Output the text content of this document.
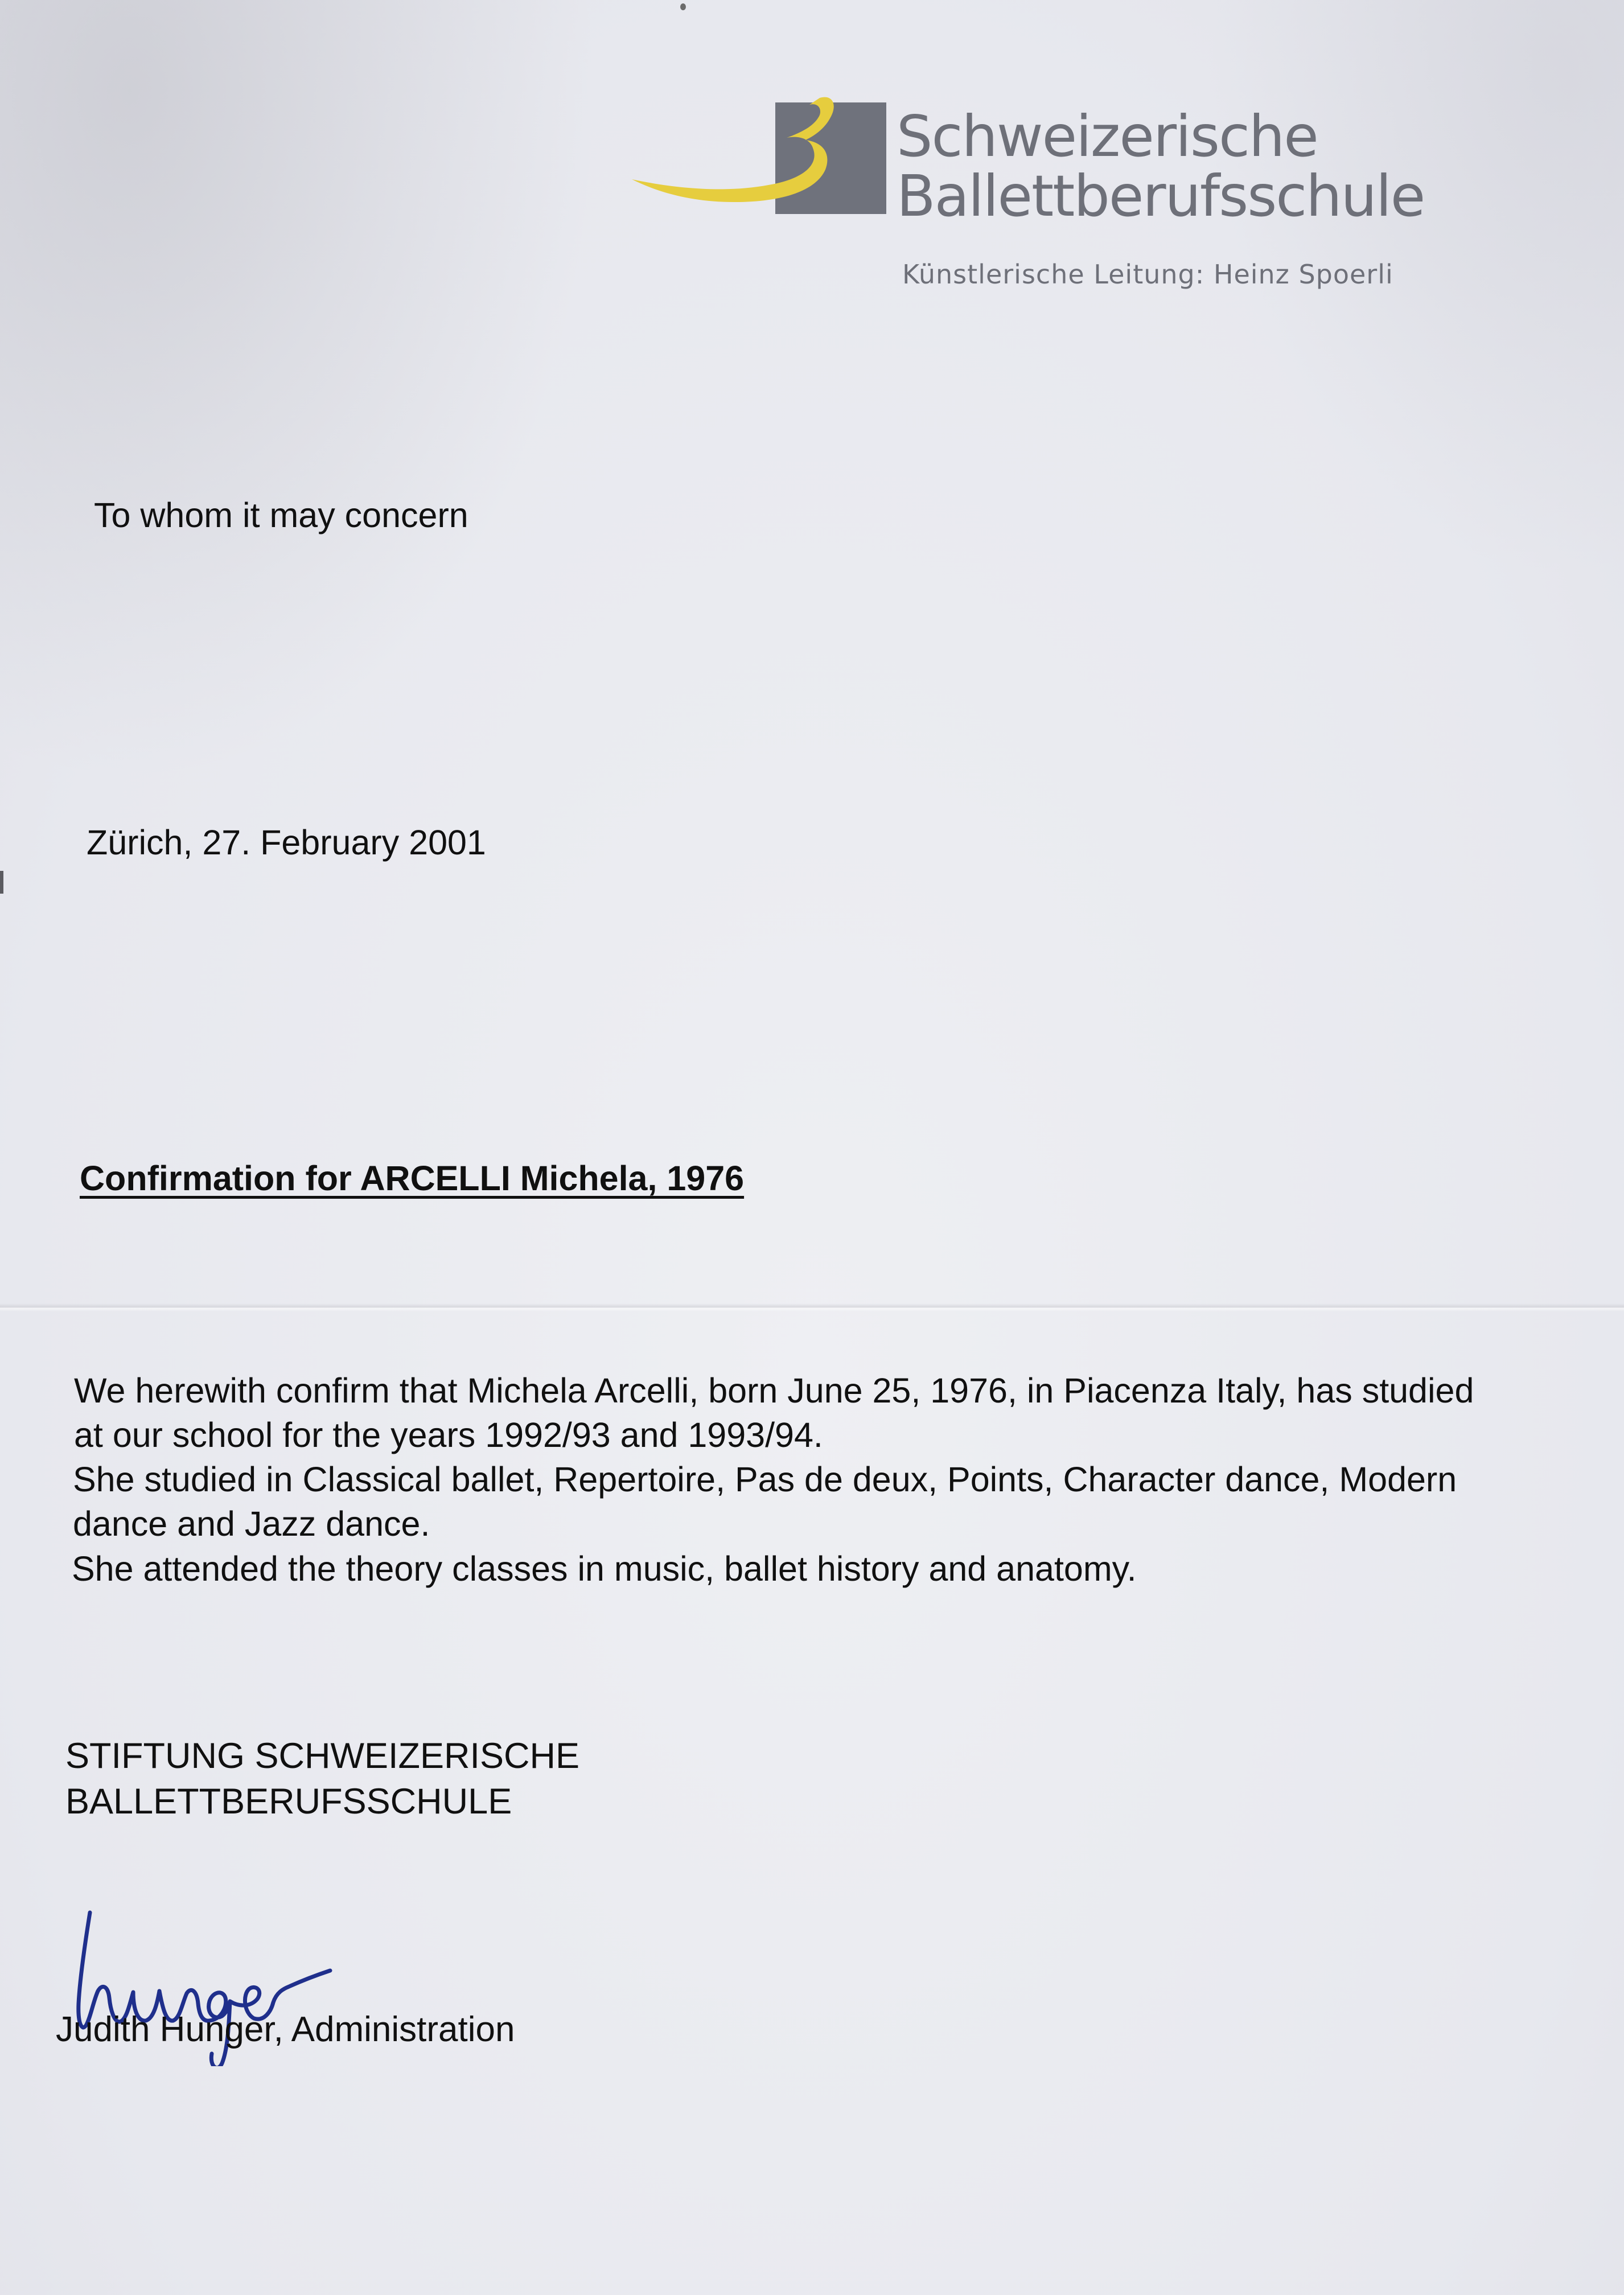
Schweizerische
Ballettberufsschule
Künstlerische Leitung: Heinz Spoerli
To whom it may concern
Zürich, 27. February 2001
Confirmation for ARCELLI Michela, 1976
We herewith confirm that Michela Arcelli, born June 25, 1976, in Piacenza Italy, has studied
at our school for the years 1992/93 and 1993/94.
She studied in Classical ballet, Repertoire, Pas de deux, Points, Character dance, Modern
dance and Jazz dance.
She attended the theory classes in music, ballet history and anatomy.
STIFTUNG SCHWEIZERISCHE
BALLETTBERUFSSCHULE
Judith Hunger, Administration
